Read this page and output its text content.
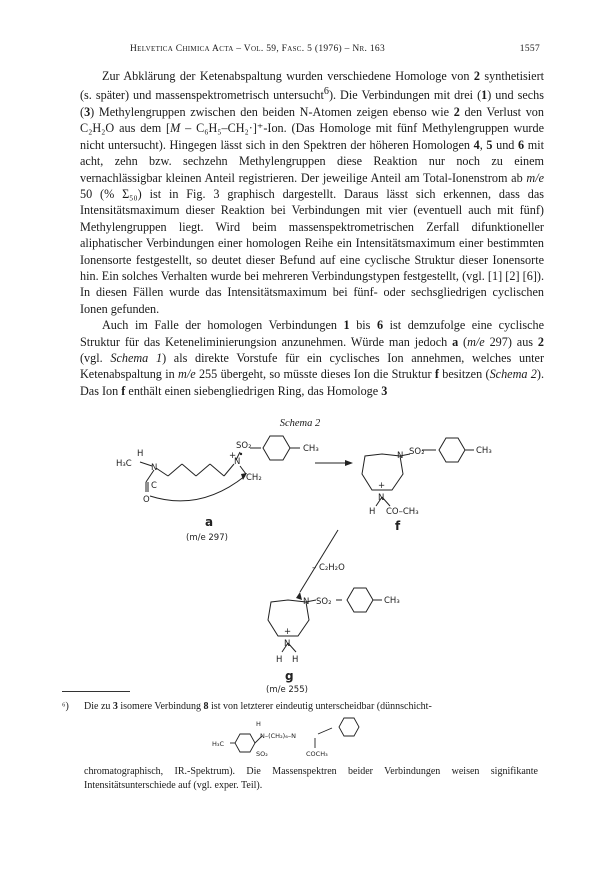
Helvetica Chimica Acta – Vol. 59, Fasc. 5 (1976) – Nr. 163	1557

Zur Abklärung der Ketenabspaltung wurden verschiedene Homologe von 2 synthetisiert (s. später) und massenspektrometrisch untersucht$^6$). Die Verbindungen mit drei (1) und sechs (3) Methylengruppen zwischen den beiden N-Atomen zeigen ebenso wie 2 den Verlust von C₂H₂O aus dem [M – C₆H₅–CH₂·]⁺-Ion. (Das Homologe mit fünf Methylengruppen wurde nicht untersucht). Hingegen lässt sich in den Spektren der höheren Homologen 4, 5 und 6 mit acht, zehn bzw. sechzehn Methylengruppen diese Reaktion nur noch zu einem vernachlässigbar kleinen Anteil registrieren. Der jeweilige Anteil am Total-Ionenstrom ab m/e 50 (% Σ₅₀) ist in Fig. 3 graphisch dargestellt. Daraus lässt sich erkennen, dass das Intensitätsmaximum dieser Reaktion bei Verbindungen mit vier (eventuell auch mit fünf) Methylengruppen liegt. Wird beim massenspektrometrischen Zerfall difunktioneller aliphatischer Verbindungen einer homologen Reihe ein Intensitätsmaximum einer bestimmten Ionensorte festgestellt, so deutet dieser Befund auf eine cyclische Struktur dieser Ionensorte hin. Ein solches Verhalten wurde bei mehreren Verbindungstypen festgestellt, (vgl. [1] [2] [6]). In diesen Fällen wurde das Intensitätsmaximum bei fünf- oder sechsgliedrigen cyclischen Ionen gefunden.

Auch im Falle der homologen Verbindungen 1 bis 6 ist demzufolge eine cyclische Struktur für das Keteneliminierungsion anzunehmen. Würde man jedoch a (m/e 297) aus 2 (vgl. Schema 1) als direkte Vorstufe für ein cyclisches Ion annehmen, welches unter Ketenabspaltung in m/e 255 übergeht, so müsste dieses Ion die Struktur f besitzen (Schema 2). Das Ion f enthält einen siebengliedrigen Ring, das Homologe 3

Schema 2
H₃C
H
N
C
O
SO₂	CH₃
N
+
CH₂
a
(m/e 297)
N SO₂	CH₃
N
+
H CO–CH₃
f
– C₂H₂O
N SO₂	CH₃
N
+
H H
g
(m/e 255)
⁶) Die zu 3 isomere Verbindung 8 ist von letzterer eindeutig unterscheidbar (dünnschicht-
H
N–(CH₂)₆–N
H₃C
SO₂	COCH₃
chromatographisch, IR.-Spektrum). Die Massenspektren beider Verbindungen weisen signifikante Intensitätsunterschiede auf (vgl. exper. Teil).
